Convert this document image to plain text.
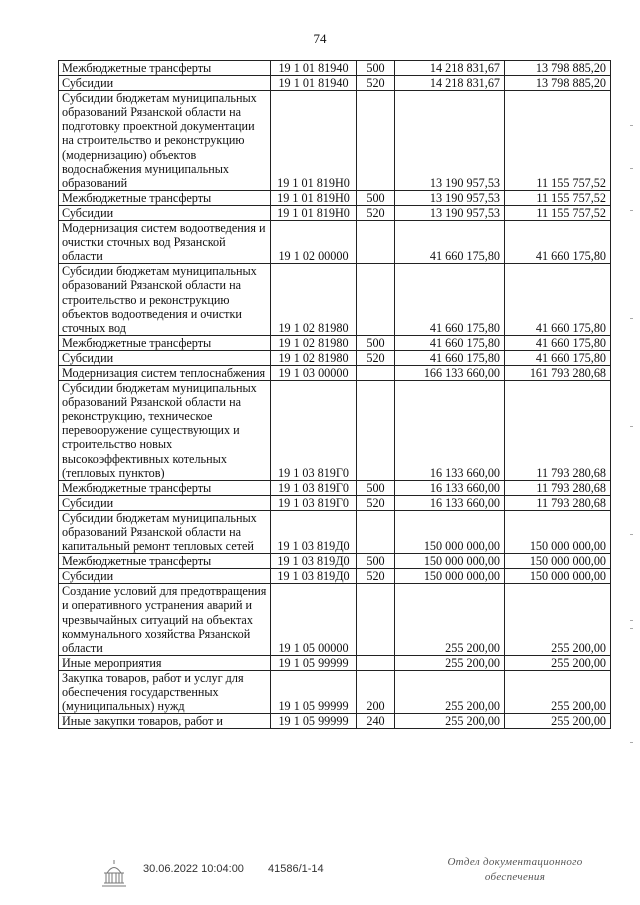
74
Межбюджетные трансферты	19 1 01 81940	500	14 218 831,67	13 798 885,20
Субсидии	19 1 01 81940	520	14 218 831,67	13 798 885,20
Субсидии бюджетам муниципальных образований Рязанской области на подготовку проектной документации на строительство и реконструкцию (модернизацию) объектов водоснабжения муниципальных образований	19 1 01 819Н0		13 190 957,53	11 155 757,52
Межбюджетные трансферты	19 1 01 819Н0	500	13 190 957,53	11 155 757,52
Субсидии	19 1 01 819Н0	520	13 190 957,53	11 155 757,52
Модернизация систем водоотведения и очистки сточных вод Рязанской области	19 1 02 00000		41 660 175,80	41 660 175,80
Субсидии бюджетам муниципальных образований Рязанской области на строительство и реконструкцию объектов водоотведения и очистки сточных вод	19 1 02 81980		41 660 175,80	41 660 175,80
Межбюджетные трансферты	19 1 02 81980	500	41 660 175,80	41 660 175,80
Субсидии	19 1 02 81980	520	41 660 175,80	41 660 175,80
Модернизация систем теплоснабжения	19 1 03 00000		166 133 660,00	161 793 280,68
Субсидии бюджетам муниципальных образований Рязанской области на реконструкцию, техническое перевооружение существующих и строительство новых высокоэффективных котельных (тепловых пунктов)	19 1 03 819Г0		16 133 660,00	11 793 280,68
Межбюджетные трансферты	19 1 03 819Г0	500	16 133 660,00	11 793 280,68
Субсидии	19 1 03 819Г0	520	16 133 660,00	11 793 280,68
Субсидии бюджетам муниципальных образований Рязанской области на капитальный ремонт тепловых сетей	19 1 03 819Д0		150 000 000,00	150 000 000,00
Межбюджетные трансферты	19 1 03 819Д0	500	150 000 000,00	150 000 000,00
Субсидии	19 1 03 819Д0	520	150 000 000,00	150 000 000,00
Создание условий для предотвращения и оперативного устранения аварий и чрезвычайных ситуаций на объектах коммунального хозяйства Рязанской области	19 1 05 00000		255 200,00	255 200,00
Иные мероприятия	19 1 05 99999		255 200,00	255 200,00
Закупка товаров, работ и услуг для обеспечения государственных (муниципальных) нужд	19 1 05 99999	200	255 200,00	255 200,00
Иные закупки товаров, работ и	19 1 05 99999	240	255 200,00	255 200,00
30.06.2022 10:04:00 41586/1-14
Отдел документационного обеспечения
